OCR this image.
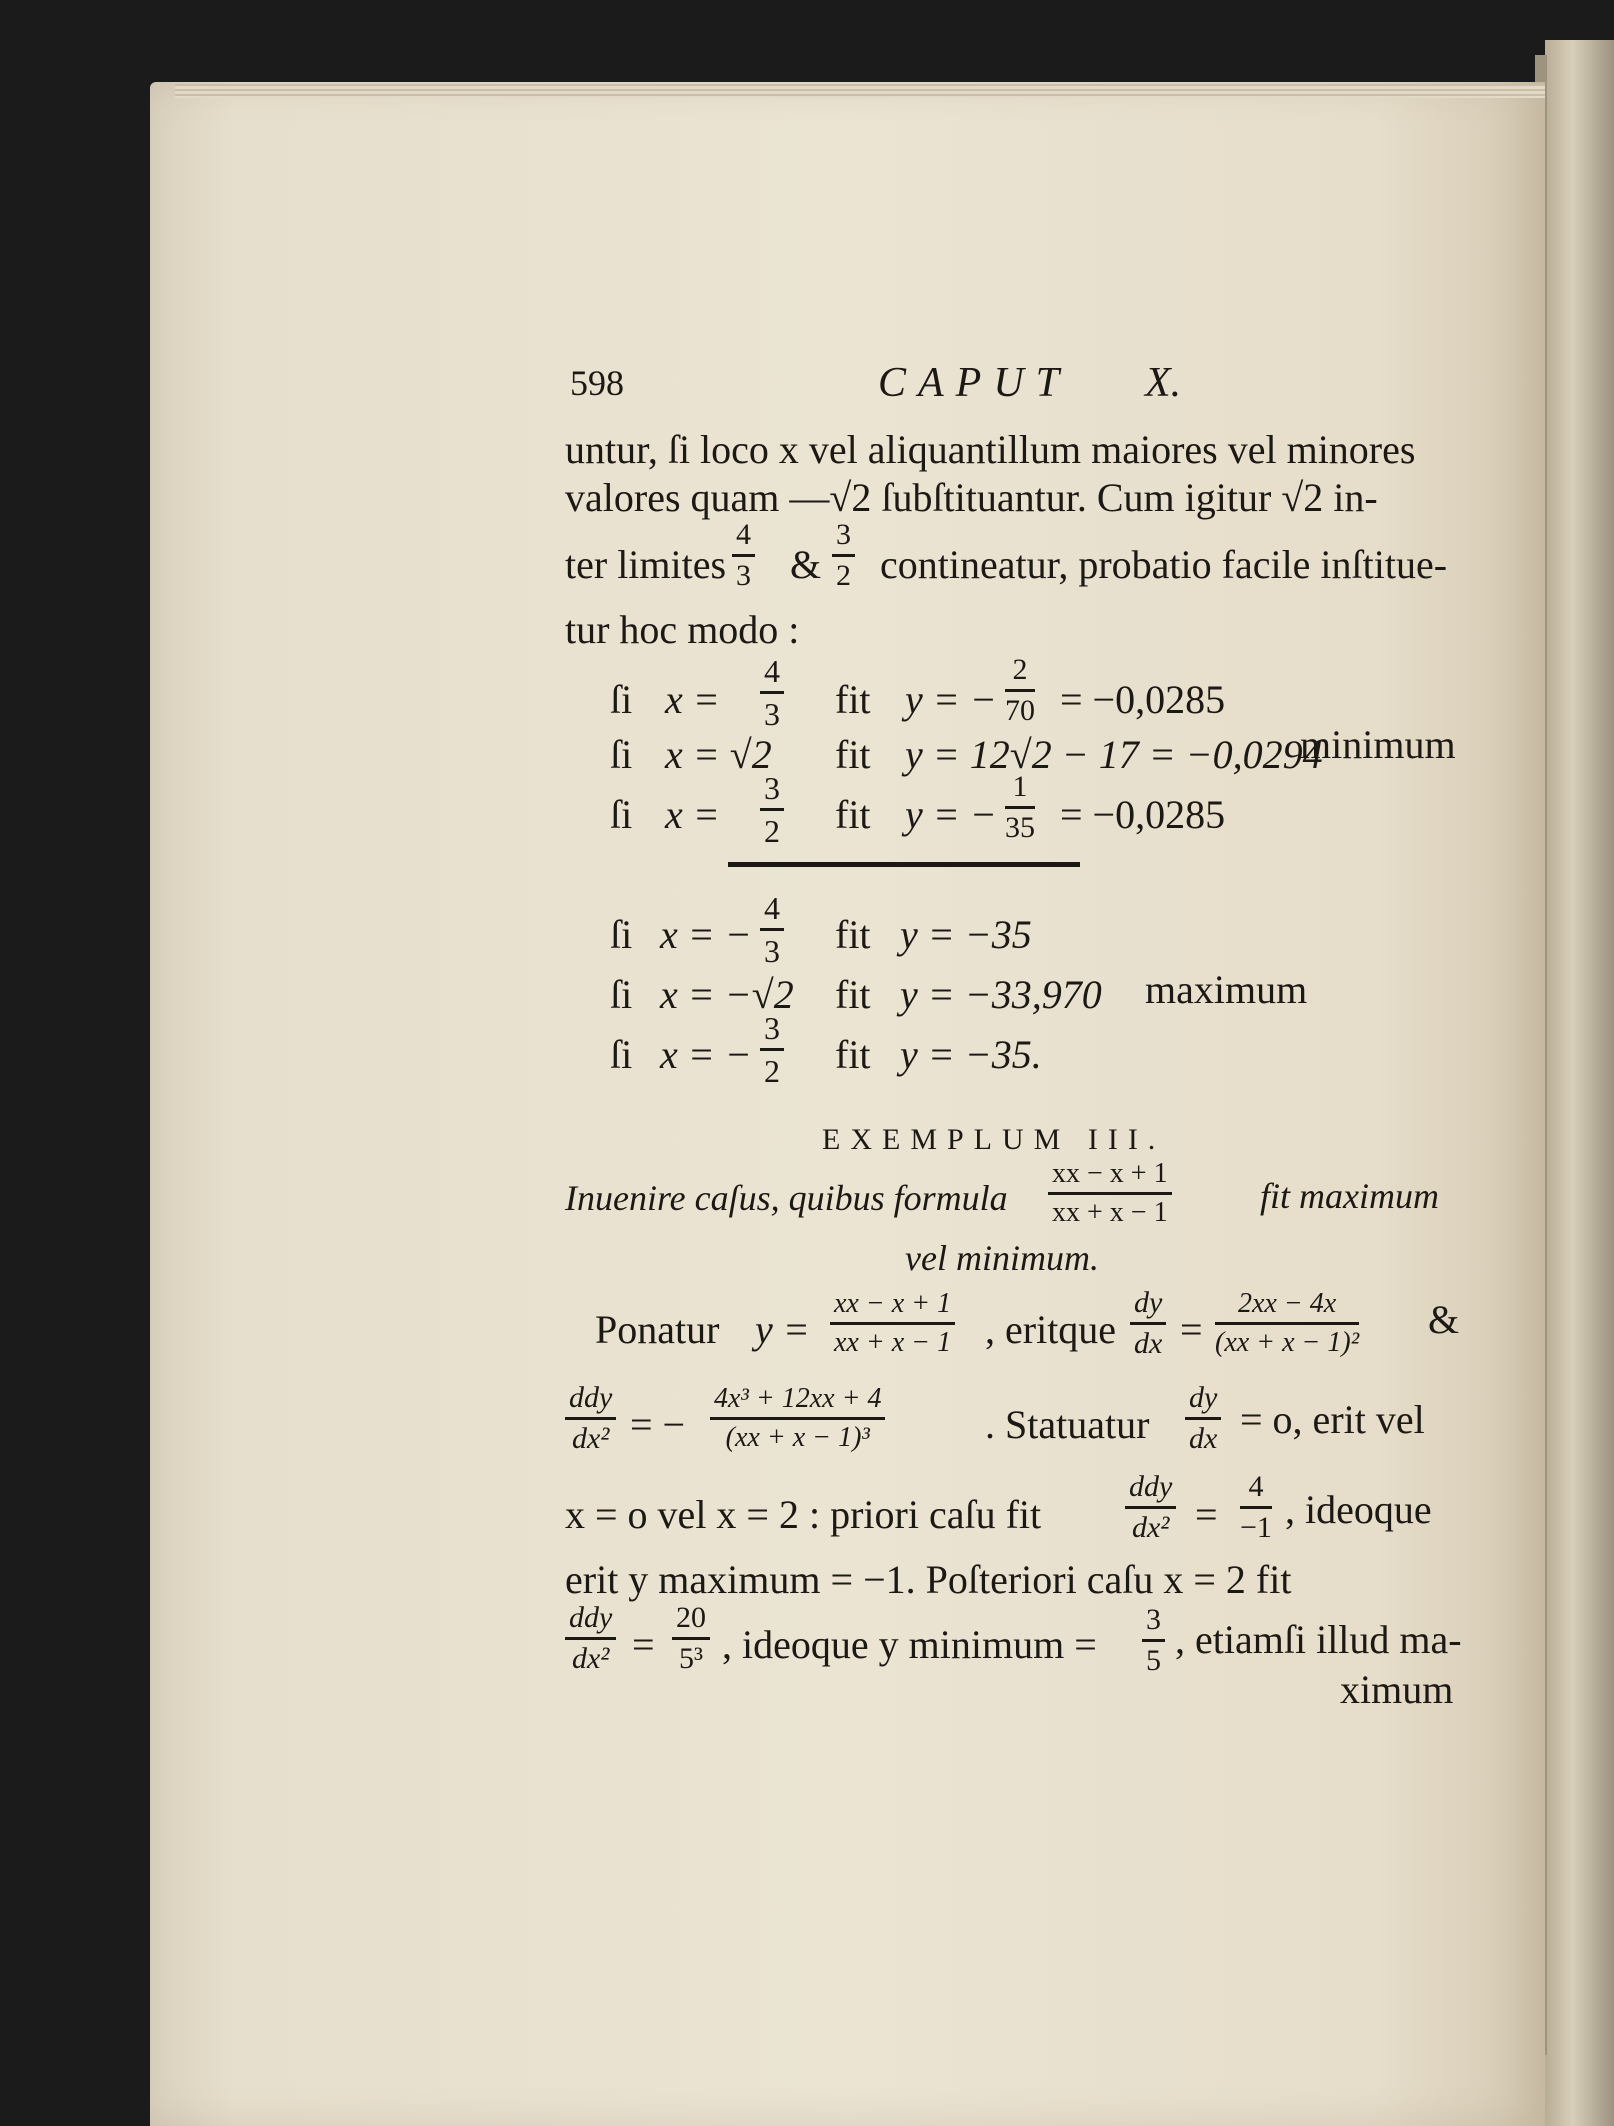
598	CAPUT X.
untur, ſi loco x vel aliquantillum maiores vel minores
valores quam —√2 ſubſtituantur. Cum igitur √2 in-
ter limites $\frac{4}{3}$ & $\frac{3}{2}$ contineatur, probatio facile inſtitue-
tur hoc modo :
ſi $x = \frac{4}{3}$ fit y = − $\frac{2}{70} = -0,0285$
ſi x = √2 fit y = 12√2 − 17 = −0,0294
minimum
ſi $x = \frac{3}{2}$ fit y = − $\frac{1}{35} = -0,0285$
ſi x = − $\frac{4}{3}$ fit y = −35
ſi x = −√2 fit y = −33,970 maximum
ſi x = − $\frac{3}{2}$ fit y = −35.
EXEMPLUM III.
Inuenire caſus, quibus formula $\frac{xx - x + 1}{xx + x - 1}$ fit maximum
vel minimum.
Ponatur $y = \frac{xx - x + 1}{xx + x - 1}$ , eritque $\frac{dy}{dx} = \frac{2xx - 4x}{\text{(xx + x − 1)²}}$ &
ddy
dx² = − $\frac{\text{4x³ + 12xx + 4}}{\text{(xx + x − 1)³}}$ . Statuatur $\frac{dy}{dx} = o$, erit vel
x = o vel x = 2 : priori caſu fit
ddy
$dx^2 = \frac{4}{-1}$ , ideoque
erit y maximum = −1. Poſteriori caſu x = 2 fit
ddy
$dx^2 = \frac{20}{\text{5³}}$ , ideoque y minimum = $\frac{3}{5}$ , etiamſi illud ma-
ximum
